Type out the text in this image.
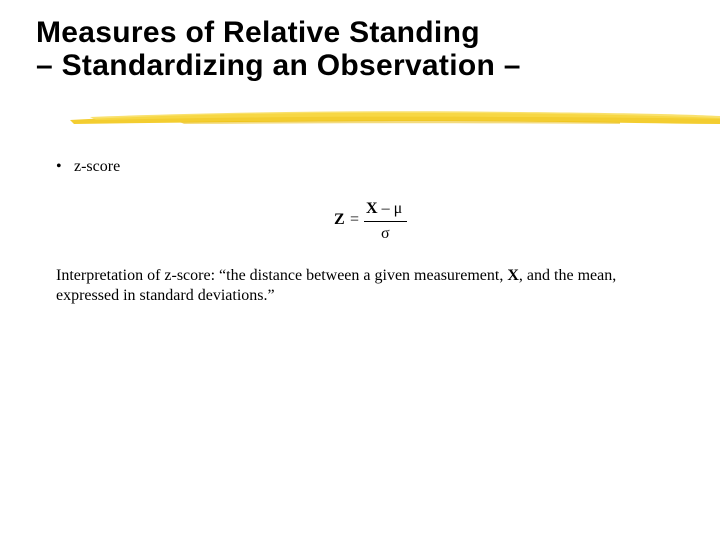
Measures of Relative Standing
– Standardizing an Observation –
• z-score
Z =
X – μ
σ
Interpretation of z-score: “the distance between a given measurement, X, and the mean, expressed in standard deviations.”
